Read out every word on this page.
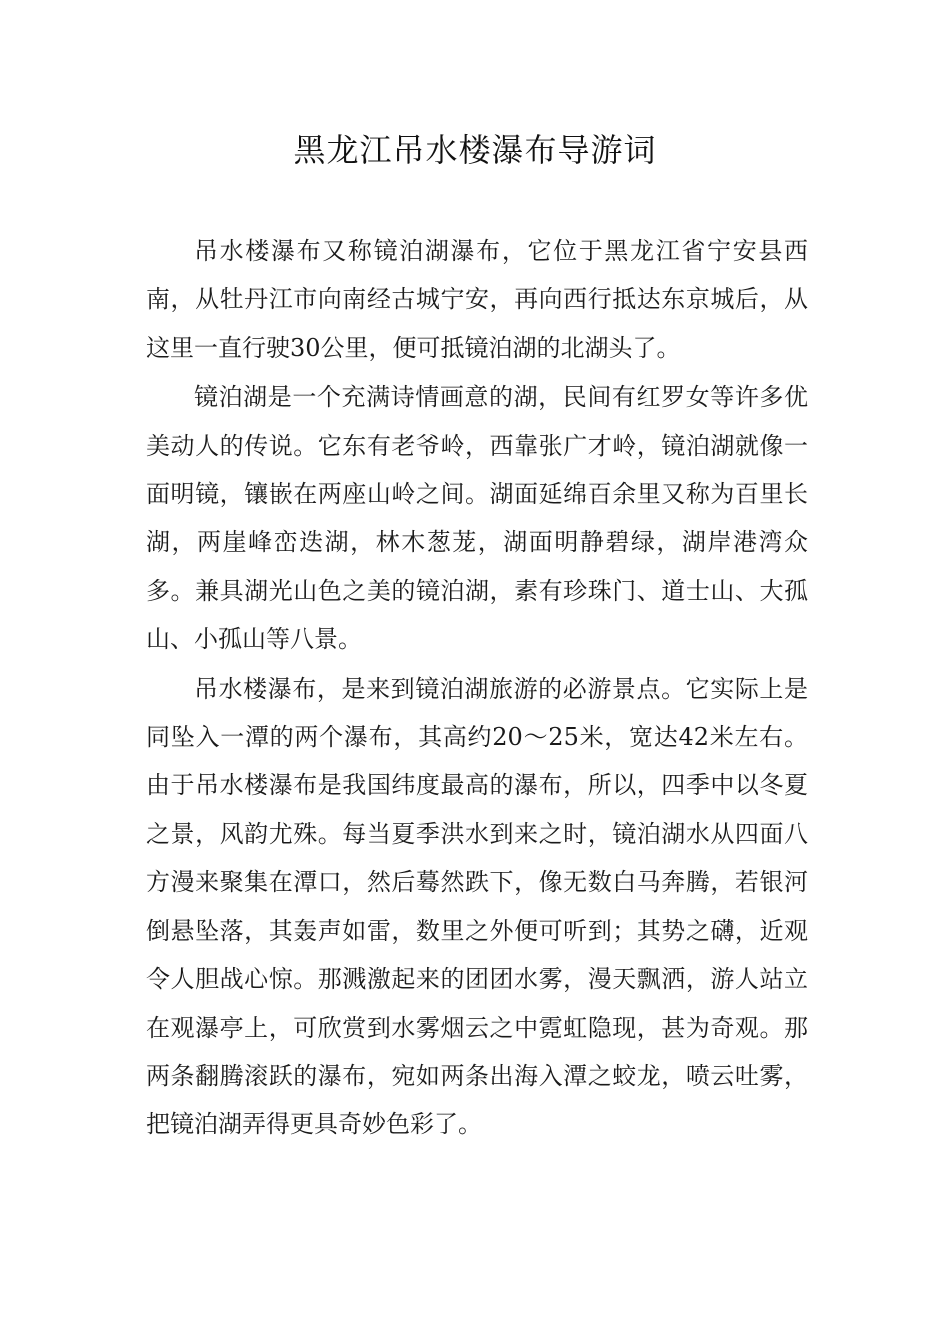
黑龙江吊水楼瀑布导游词

吊水楼瀑布又称镜泊湖瀑布，它位于黑龙江省宁安县西南，从牡丹江市向南经古城宁安，再向西行抵达东京城后，从这里一直行驶30公里，便可抵镜泊湖的北湖头了。

镜泊湖是一个充满诗情画意的湖，民间有红罗女等许多优美动人的传说。它东有老爷岭，西靠张广才岭，镜泊湖就像一面明镜，镶嵌在两座山岭之间。湖面延绵百余里又称为百里长湖，两崖峰峦迭湖，林木葱茏，湖面明静碧绿，湖岸港湾众多。兼具湖光山色之美的镜泊湖，素有珍珠门、道士山、大孤山、小孤山等八景。

吊水楼瀑布，是来到镜泊湖旅游的必游景点。它实际上是同坠入一潭的两个瀑布，其高约20～25米，宽达42米左右。由于吊水楼瀑布是我国纬度最高的瀑布，所以，四季中以冬夏之景，风韵尤殊。每当夏季洪水到来之时，镜泊湖水从四面八方漫来聚集在潭口，然后蓦然跌下，像无数白马奔腾，若银河倒悬坠落，其轰声如雷，数里之外便可听到；其势之礴，近观令人胆战心惊。那溅激起来的团团水雾，漫天飘洒，游人站立在观瀑亭上，可欣赏到水雾烟云之中霓虹隐现，甚为奇观。那两条翻腾滚跃的瀑布，宛如两条出海入潭之蛟龙，喷云吐雾，把镜泊湖弄得更具奇妙色彩了。
